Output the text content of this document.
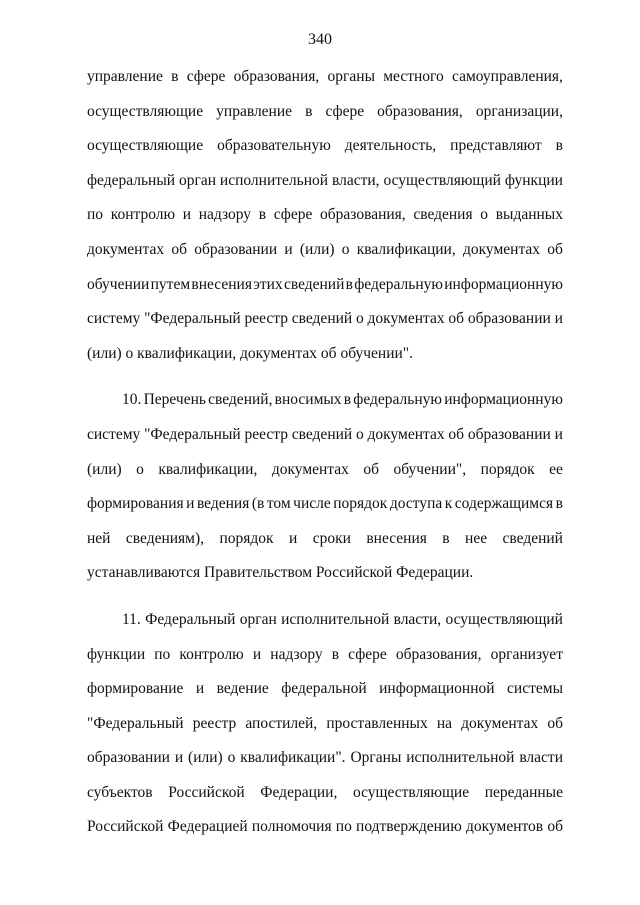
340
управление в сфере образования, органы местного самоуправления,
осуществляющие управление в сфере образования, организации,
осуществляющие образовательную деятельность, представляют в
федеральный орган исполнительной власти, осуществляющий функции
по контролю и надзору в сфере образования, сведения о выданных
документах об образовании и (или) о квалификации, документах об
обучении путем внесения этих сведений в федеральную информационную
систему "Федеральный реестр сведений о документах об образовании и
(или) о квалификации, документах об обучении".
10. Перечень сведений, вносимых в федеральную информационную
систему "Федеральный реестр сведений о документах об образовании и
(или) о квалификации, документах об обучении", порядок ее
формирования и ведения (в том числе порядок доступа к содержащимся в
ней сведениям), порядок и сроки внесения в нее сведений
устанавливаются Правительством Российской Федерации.
11. Федеральный орган исполнительной власти, осуществляющий
функции по контролю и надзору в сфере образования, организует
формирование и ведение федеральной информационной системы
"Федеральный реестр апостилей, проставленных на документах об
образовании и (или) о квалификации". Органы исполнительной власти
субъектов Российской Федерации, осуществляющие переданные
Российской Федерацией полномочия по подтверждению документов об
